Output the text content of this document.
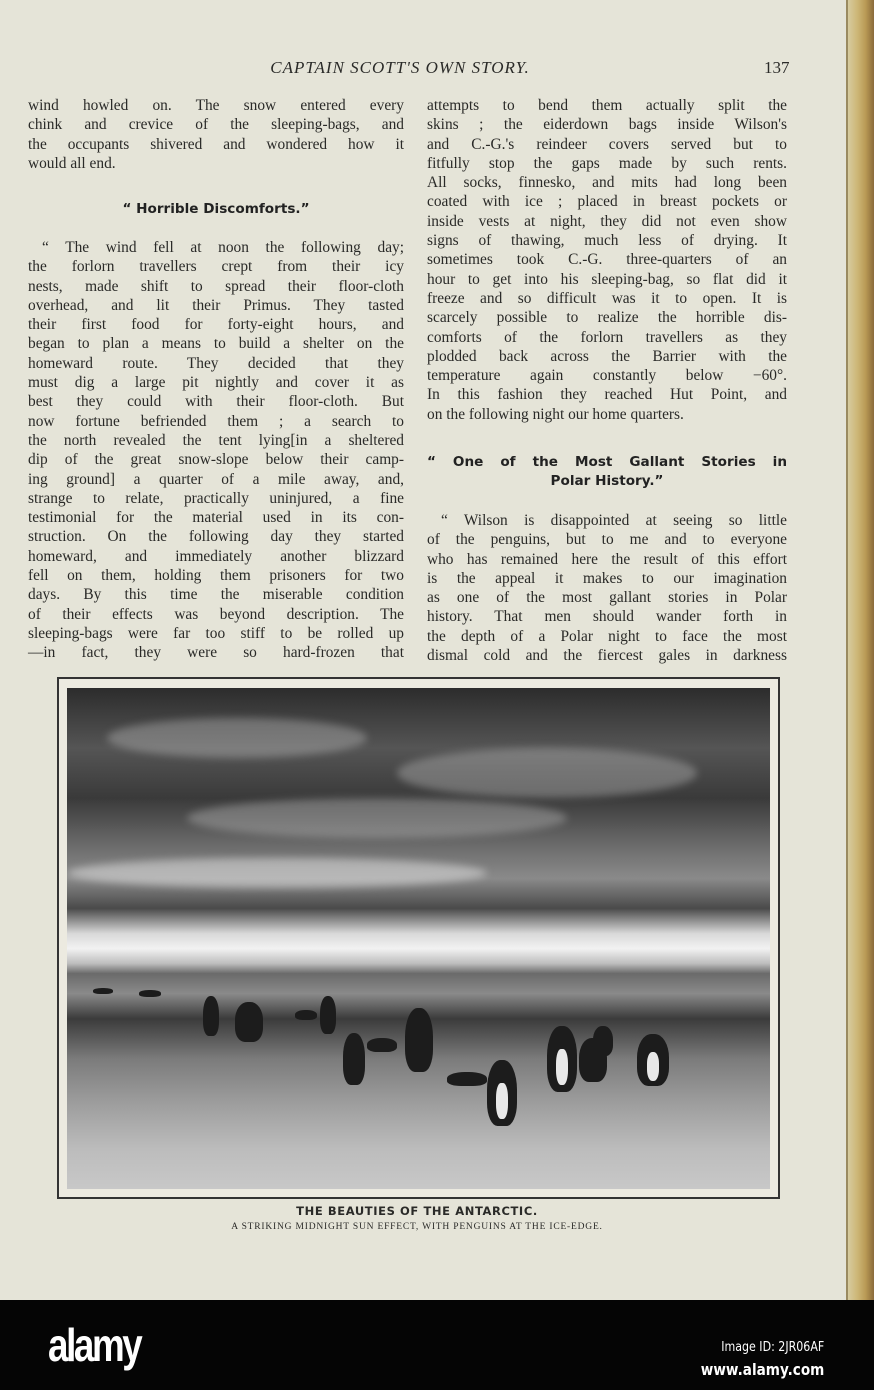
CAPTAIN SCOTT'S OWN STORY.	137
wind howled on. The snow entered every
chink and crevice of the sleeping-bags, and
the occupants shivered and wondered how it
would all end.
“ Horrible Discomforts.”
“ The wind fell at noon the following day;
the forlorn travellers crept from their icy
nests, made shift to spread their floor-cloth
overhead, and lit their Primus. They tasted
their first food for forty-eight hours, and
began to plan a means to build a shelter on the
homeward route. They decided that they
must dig a large pit nightly and cover it as
best they could with their floor-cloth. But
now fortune befriended them ; a search to
the north revealed the tent lying[in a sheltered
dip of the great snow-slope below their camp-
ing ground] a quarter of a mile away, and,
strange to relate, practically uninjured, a fine
testimonial for the material used in its con-
struction. On the following day they started
homeward, and immediately another blizzard
fell on them, holding them prisoners for two
days. By this time the miserable condition
of their effects was beyond description. The
sleeping-bags were far too stiff to be rolled up
—in fact, they were so hard-frozen that
attempts to bend them actually split the
skins ; the eiderdown bags inside Wilson's
and C.-G.'s reindeer covers served but to
fitfully stop the gaps made by such rents.
All socks, finnesko, and mits had long been
coated with ice ; placed in breast pockets or
inside vests at night, they did not even show
signs of thawing, much less of drying. It
sometimes took C.-G. three-quarters of an
hour to get into his sleeping-bag, so flat did it
freeze and so difficult was it to open. It is
scarcely possible to realize the horrible dis-
comforts of the forlorn travellers as they
plodded back across the Barrier with the
temperature again constantly below −60°.
In this fashion they reached Hut Point, and
on the following night our home quarters.
“ One of the Most Gallant Stories in
Polar History.”
“ Wilson is disappointed at seeing so little
of the penguins, but to me and to everyone
who has remained here the result of this effort
is the appeal it makes to our imagination
as one of the most gallant stories in Polar
history. That men should wander forth in
the depth of a Polar night to face the most
dismal cold and the fiercest gales in darkness
THE BEAUTIES OF THE ANTARCTIC.
A STRIKING MIDNIGHT SUN EFFECT, WITH PENGUINS AT THE ICE-EDGE.
alamy	Image ID: 2JR06AF
www.alamy.com
